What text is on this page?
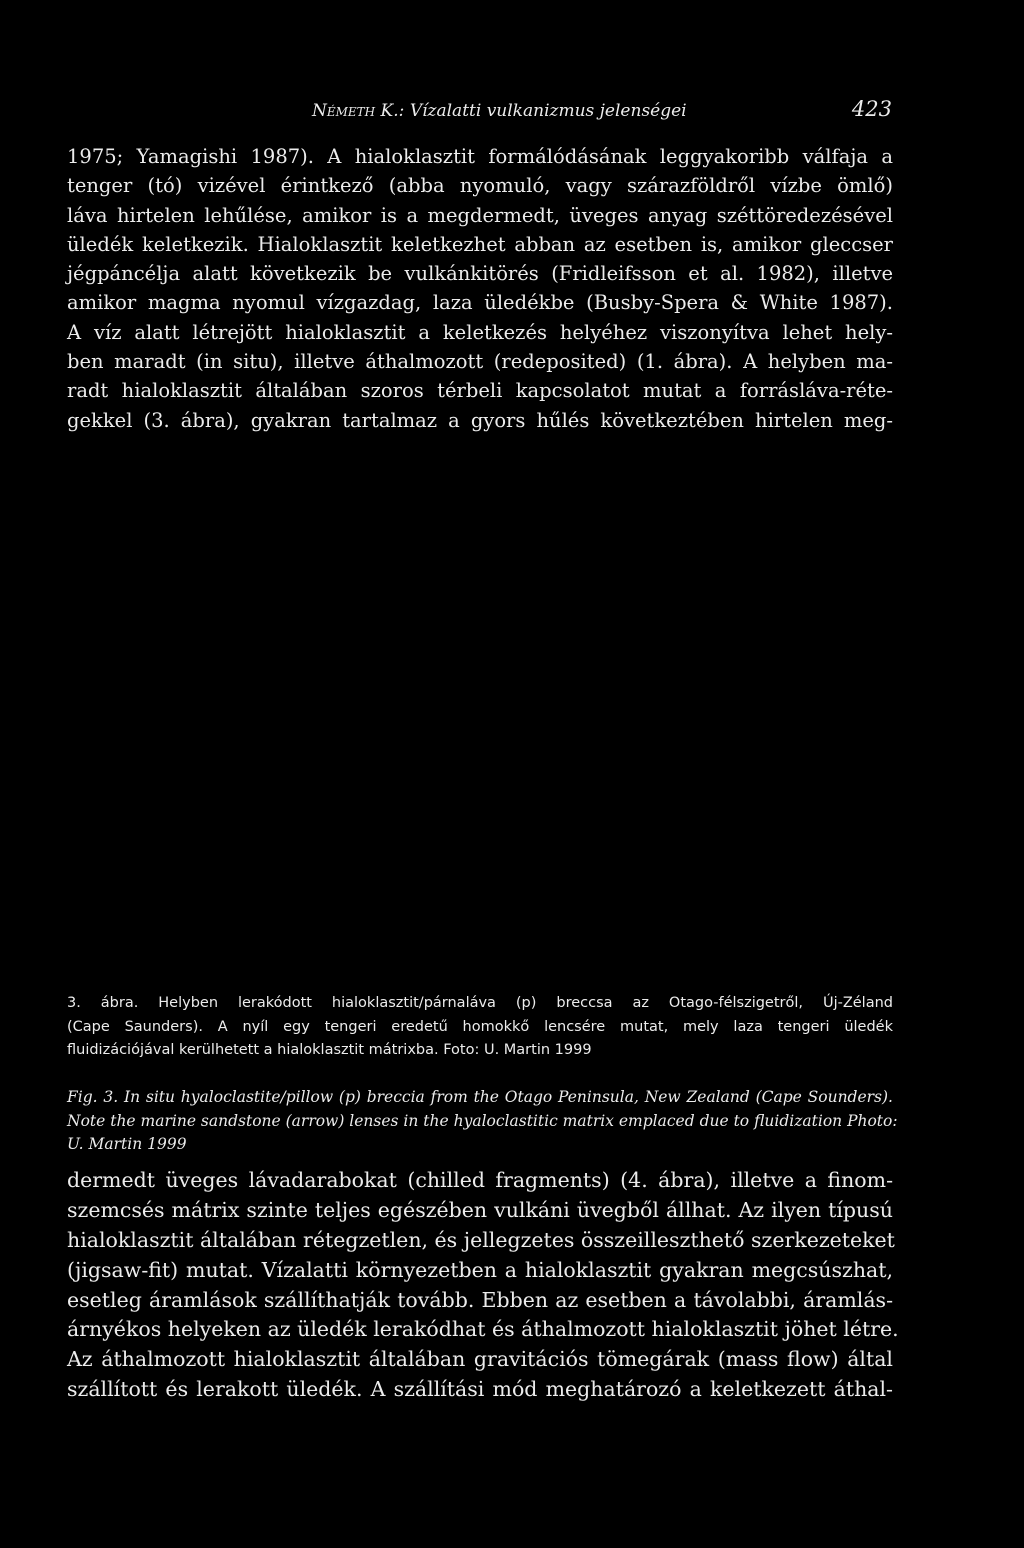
Németh K.: Vízalatti vulkanizmus jelenségei	423
1975; Yamagishi 1987). A hialoklasztit formálódásának leggyakoribb válfaja a
tenger (tó) vizével érintkező (abba nyomuló, vagy szárazföldről vízbe ömlő)
láva hirtelen lehűlése, amikor is a megdermedt, üveges anyag széttöredezésével
üledék keletkezik. Hialoklasztit keletkezhet abban az esetben is, amikor gleccser
jégpáncélja alatt következik be vulkánkitörés (Fridleifsson et al. 1982), illetve
amikor magma nyomul vízgazdag, laza üledékbe (Busby-Spera & White 1987).
A víz alatt létrejött hialoklasztit a keletkezés helyéhez viszonyítva lehet hely-
ben maradt (in situ), illetve áthalmozott (redeposited) (1. ábra). A helyben ma-
radt hialoklasztit általában szoros térbeli kapcsolatot mutat a forrásláva-réte-
gekkel (3. ábra), gyakran tartalmaz a gyors hűlés következtében hirtelen meg-
3. ábra. Helyben lerakódott hialoklasztit/párnaláva (p) breccsa az Otago-félszigetről, Új-Zéland
(Cape Saunders). A nyíl egy tengeri eredetű homokkő lencsére mutat, mely laza tengeri üledék
fluidizációjával kerülhetett a hialoklasztit mátrixba. Foto: U. Martin 1999
Fig. 3. In situ hyaloclastite/pillow (p) breccia from the Otago Peninsula, New Zealand (Cape Sounders).
Note the marine sandstone (arrow) lenses in the hyaloclastitic matrix emplaced due to fluidization Photo:
U. Martin 1999
dermedt üveges lávadarabokat (chilled fragments) (4. ábra), illetve a finom-
szemcsés mátrix szinte teljes egészében vulkáni üvegből állhat. Az ilyen típusú
hialoklasztit általában rétegzetlen, és jellegzetes összeilleszthető szerkezeteket
(jigsaw-fit) mutat. Vízalatti környezetben a hialoklasztit gyakran megcsúszhat,
esetleg áramlások szállíthatják tovább. Ebben az esetben a távolabbi, áramlás-
árnyékos helyeken az üledék lerakódhat és áthalmozott hialoklasztit jöhet létre.
Az áthalmozott hialoklasztit általában gravitációs tömegárak (mass flow) által
szállított és lerakott üledék. A szállítási mód meghatározó a keletkezett áthal-
